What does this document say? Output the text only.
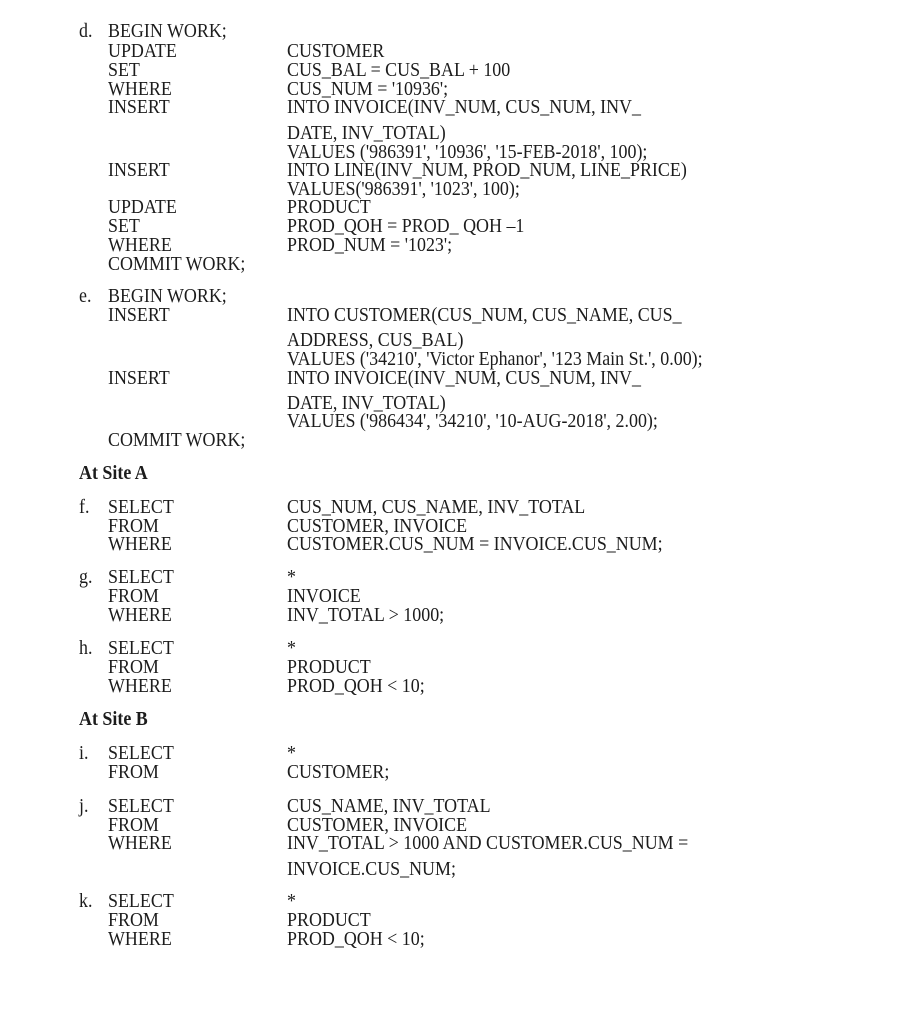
d. BEGIN WORK;
UPDATE	CUSTOMER
SET	CUS_BAL = CUS_BAL + 100
WHERE	CUS_NUM = '10936';
INSERT	INTO INVOICE(INV_NUM, CUS_NUM, INV_
DATE, INV_TOTAL)
VALUES ('986391', '10936', '15-FEB-2018', 100);
INSERT	INTO LINE(INV_NUM, PROD_NUM, LINE_PRICE)
VALUES('986391', '1023', 100);
UPDATE	PRODUCT
SET	PROD_QOH = PROD_ QOH –1
WHERE	PROD_NUM = '1023';
COMMIT WORK;
e. BEGIN WORK;
INSERT	INTO CUSTOMER(CUS_NUM, CUS_NAME, CUS_
ADDRESS, CUS_BAL)
VALUES ('34210', 'Victor Ephanor', '123 Main St.', 0.00);
INSERT	INTO INVOICE(INV_NUM, CUS_NUM, INV_
DATE, INV_TOTAL)
VALUES ('986434', '34210', '10-AUG-2018', 2.00);
COMMIT WORK;
At Site A
f. SELECT	CUS_NUM, CUS_NAME, INV_TOTAL
FROM	CUSTOMER, INVOICE
WHERE	CUSTOMER.CUS_NUM = INVOICE.CUS_NUM;
g. SELECT	*
FROM	INVOICE
WHERE	INV_TOTAL > 1000;
h. SELECT	*
FROM	PRODUCT
WHERE	PROD_QOH < 10;
At Site B
i. SELECT	*
FROM	CUSTOMER;
j. SELECT	CUS_NAME, INV_TOTAL
FROM	CUSTOMER, INVOICE
WHERE	INV_TOTAL > 1000 AND CUSTOMER.CUS_NUM =
INVOICE.CUS_NUM;
k. SELECT	*
FROM	PRODUCT
WHERE	PROD_QOH < 10;
